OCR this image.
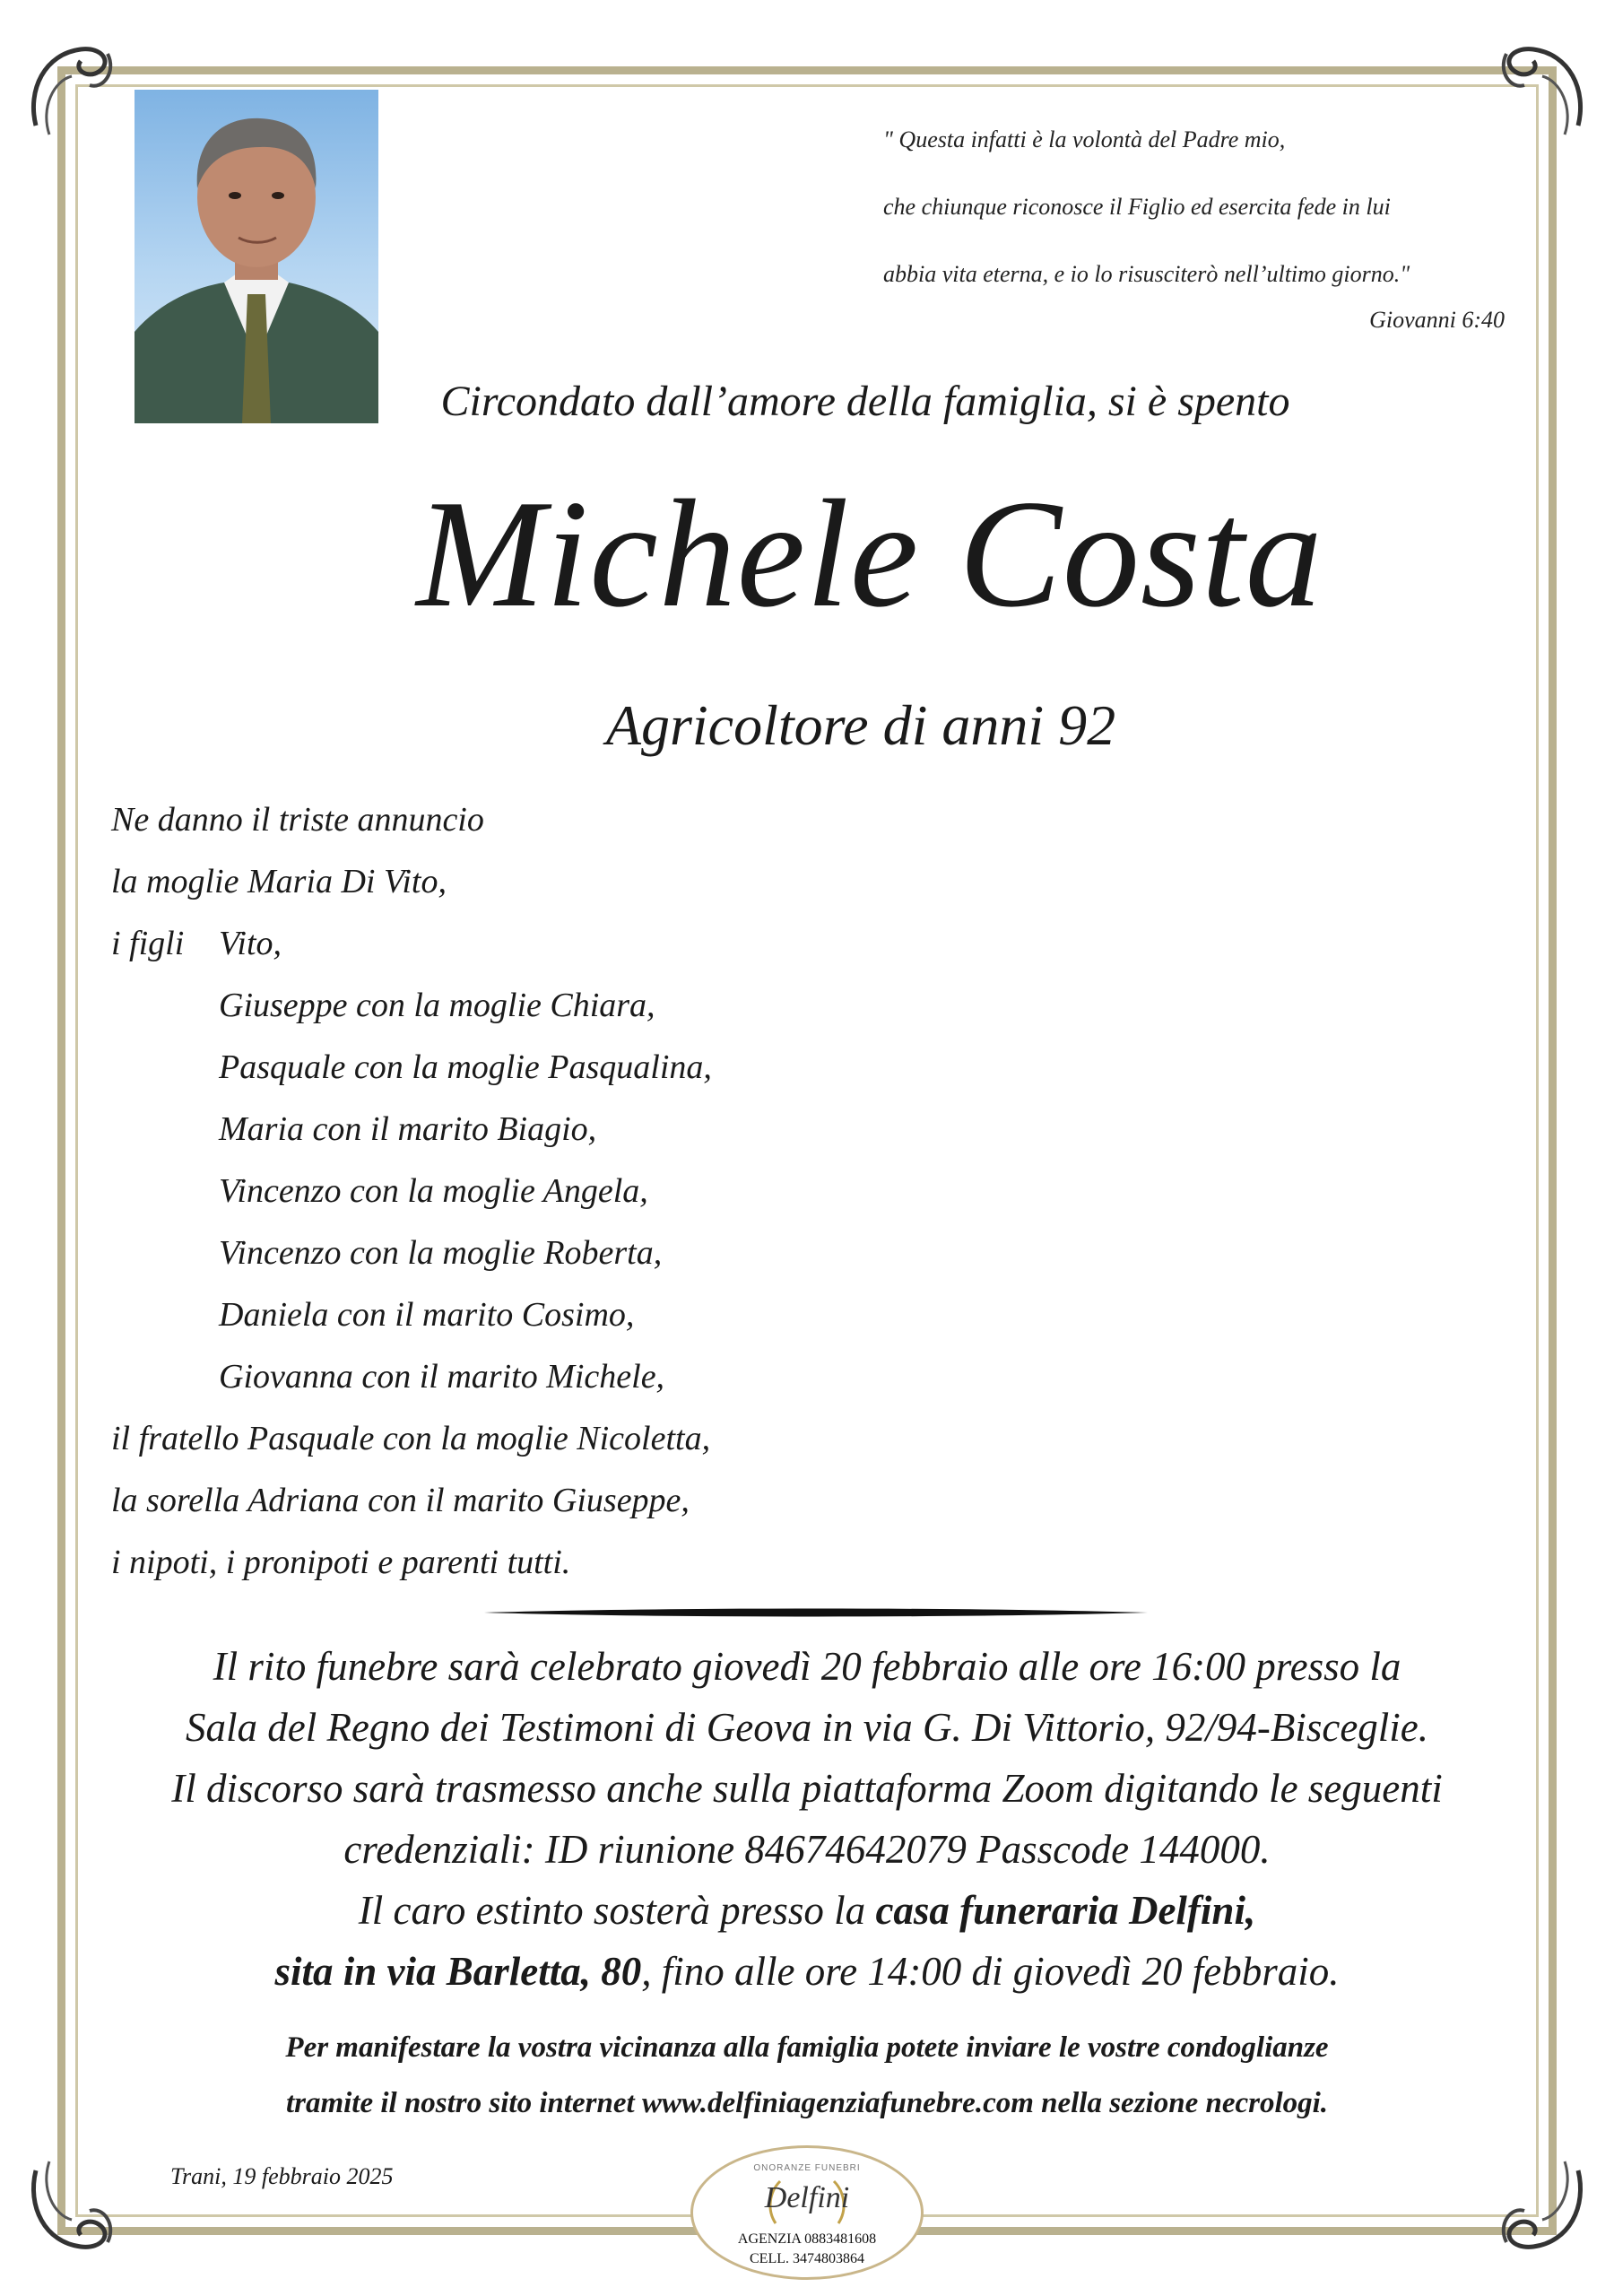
" Questa infatti è la volontà del Padre mio,
che chiunque riconosce il Figlio ed esercita fede in lui
abbia vita eterna, e io lo risusciterò nell’ultimo giorno."
Giovanni 6:40
Circondato dall’amore della famiglia, si è spento
Michele Costa
Agricoltore di anni 92
Ne danno il triste annuncio
la moglie Maria Di Vito,
i figli Vito,
Giuseppe con la moglie Chiara,
Pasquale con la moglie Pasqualina,
Maria con il marito Biagio,
Vincenzo con la moglie Angela,
Vincenzo con la moglie Roberta,
Daniela con il marito Cosimo,
Giovanna con il marito Michele,
il fratello Pasquale con la moglie Nicoletta,
la sorella Adriana con il marito Giuseppe,
i nipoti, i pronipoti e parenti tutti.
Il rito funebre sarà celebrato giovedì 20 febbraio alle ore 16:00 presso la
Sala del Regno dei Testimoni di Geova in via G. Di Vittorio, 92/94-Bisceglie.
Il discorso sarà trasmesso anche sulla piattaforma Zoom digitando le seguenti
credenziali: ID riunione 84674642079 Passcode 144000.
Il caro estinto sosterà presso la casa funeraria Delfini,
sita in via Barletta, 80, fino alle ore 14:00 di giovedì 20 febbraio.
Per manifestare la vostra vicinanza alla famiglia potete inviare le vostre condoglianze
tramite il nostro sito internet www.delfiniagenziafunebre.com nella sezione necrologi.
Trani, 19 febbraio 2025	ONORANZE FUNEBRI
Delfini
AGENZIA 0883481608
CELL. 3474803864
